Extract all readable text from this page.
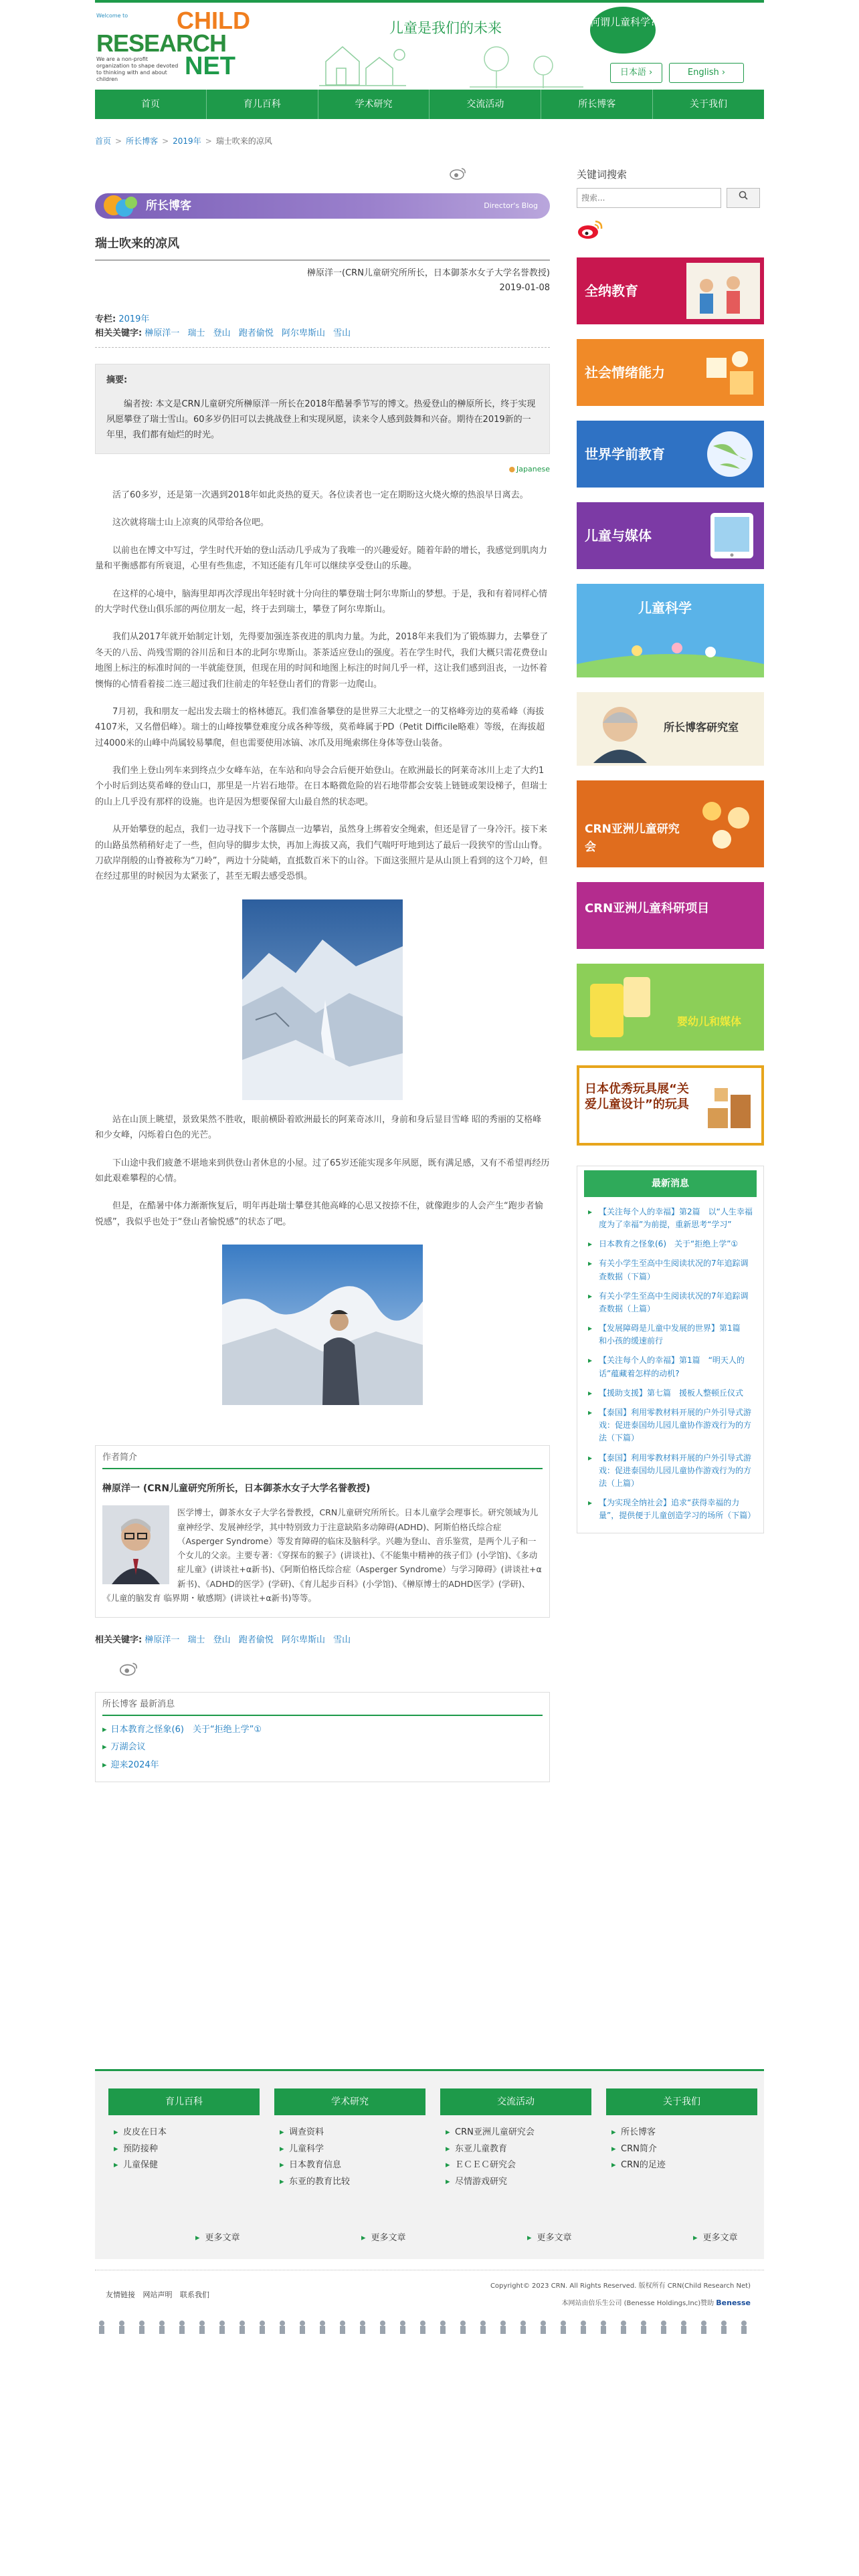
Welcome to CHILD
RESEARCH
NET
We are a non-profit organization to shape devoted to thinking with and about children
儿童是我们的未来	何谓儿童科学?
日本語 ›	English ›
首页	育儿百科	学术研究	交流活动	所长博客	关于我们
首页 > 所长博客 > 2019年 > 瑞士吹来的凉风
所长博客	Director's Blog
瑞士吹来的凉风
榊原洋一(CRN儿童研究所所长，日本御茶水女子大学名誉教授)
2019-01-08
专栏: 2019年
相关关键字: 榊原洋一 瑞士 登山 跑者偷悦 阿尔卑斯山 雪山
摘要:

编者按: 本文是CRN儿童研究所榊原洋一所长在2018年酷暑季节写的博文。热爱登山的榊原所长，终于实现夙愿攀登了瑞士雪山。60多岁仍旧可以去挑战登上和实现夙愿，读来令人感到鼓舞和兴奋。期待在2019新的一年里，我们都有灿烂的时光。

● Japanese

活了60多岁，还是第一次遇到2018年如此炎热的夏天。各位读者也一定在期盼这火烧火燎的热浪早日离去。

这次就将瑞士山上凉爽的风带给各位吧。

以前也在博文中写过，学生时代开始的登山活动几乎成为了我唯一的兴趣爱好。随着年龄的增长，我感觉到肌肉力量和平衡感都有所衰退，心里有些焦虑，不知还能有几年可以继续享受登山的乐趣。

在这样的心境中，脑海里却再次浮现出年轻时就十分向往的攀登瑞士阿尔卑斯山的梦想。于是，我和有着同样心情的大学时代登山俱乐部的两位朋友一起，终于去到瑞士，攀登了阿尔卑斯山。

我们从2017年就开始制定计划，先得要加强连茶夜进的肌肉力量。为此，2018年来我们为了锻炼脚力，去攀登了冬天的八岳、尚残雪期的谷川岳和日本的北阿尔卑斯山。茶茶适应登山的强度。若在学生时代，我们大概只需花费登山地图上标注的标准时间的一半就能登顶，但现在用的时间和地图上标注的时间几乎一样，这让我们感到沮丧，一边怀着懊悔的心情看着接二连三超过我们往前走的年轻登山者们的背影一边爬山。

7月初，我和朋友一起出发去瑞士的格林德瓦。我们准备攀登的是世界三大北壁之一的艾格峰旁边的莫希峰（海拔4107米，又名僧侣峰）。瑞士的山峰按攀登难度分成各种等级，莫希峰属于PD（Petit Difficile略难）等级，在海拔超过4000米的山峰中尚属较易攀爬，但也需要使用冰镐、冰爪及用绳索绑住身体等登山装备。

我们坐上登山列车来到终点少女峰车站，在车站和向导会合后便开始登山。在欧洲最长的阿莱奇冰川上走了大约1个小时后到达莫希峰的登山口，那里是一片岩石地带。在日本略微危险的岩石地带都会安装上链链或架设梯子，但瑞士的山上几乎没有那样的设施。也许是因为想要保留大山最自然的状态吧。

从开始攀登的起点，我们一边寻找下一个落脚点一边攀岩，虽然身上绑着安全绳索，但还是冒了一身冷汗。接下来的山路虽然稍稍好走了一些，但向导的脚步太快，再加上海拔又高，我们气喘吁吁地到达了最后一段狭窄的雪山山脊。刀砍岸削般的山脊被称为“刀岭”，两边十分陡峭，直抵数百米下的山谷。下面这张照片是从山顶上看到的这个刀岭，但在经过那里的时候因为太紧张了，甚至无暇去感受恐惧。

站在山顶上眺望，景致果然不胜收，眼前横卧着欧洲最长的阿莱奇冰川，身前和身后显目雪峰 昭的秀丽的艾格峰和少女峰，闪烁着白色的光芒。

下山途中我们疲惫不堪地来到供登山者休息的小屋。过了65岁还能实现多年夙愿，既有满足感，又有不希望再经历如此艰难攀程的心情。

但是，在酷暑中体力渐渐恢复后，明年再赴瑞士攀登其他高峰的心思又按捺不住，就像跑步的人会产生“跑步者愉悦感”，我似乎也处于“登山者愉悦感”的状态了吧。

作者简介
榊原洋一 (CRN儿童研究所所长，日本御茶水女子大学名誉教授)
医学博士，御茶水女子大学名誉教授，CRN儿童研究所所长。日本儿童学会理事长。研究领域为儿童神经学、发展神经学，其中特别致力于注意缺陷多动障碍(ADHD)、阿斯伯格氏综合症（Asperger Syndrome）等发育障碍的临床及脑科学。兴趣为登山、音乐鉴赏，是两个儿子和一个女儿的父亲。主要专著：《穿探布的猴子》(讲谈社)、《不能集中精神的孩子们》(小学馆)、《多动症儿童》(讲谈社+α新书)、《阿斯伯格氏综合症（Asperger Syndrome）与学习障碍》(讲谈社+α新书)、《ADHD的医学》(学研)、《育儿起步百科》(小学馆)、《榊原博士的ADHD医学》(学研)、《儿童的脑发育 临界期・敏感期》(讲谈社+α新书)等等。
相关关键字: 榊原洋一 瑞士 登山 跑者偷悦 阿尔卑斯山 雪山
所长博客 最新消息
▸ 日本教育之怪象(6)　关于“拒绝上学”①
▸ 万湖会议
▸ 迎来2024年
关键词搜索
搜索...
全纳教育
社会情绪能力
世界学前教育
儿童与媒体
儿童科学
所长博客研究室
CRN亚洲儿童研究会
CRN亚洲儿童科研项目
婴幼儿和媒体
日本优秀玩具展“关爱儿童设计”的玩具
最新消息
▸ 【关注每个人的幸福】第2篇　以“人生幸福度为了幸福”为前提，重新思考“学习”
▸ 日本教育之怪象(6)　关于“拒绝上学”①
▸ 有关小学生至高中生阅读状况的7年追踪调查数据（下篇）
▸ 有关小学生至高中生阅读状况的7年追踪调查数据（上篇）
▸ 【发展障碍是儿童中发展的世界】第1篇　和小孩的缓速前行
▸ 【关注每个人的幸福】第1篇　“明天人的话”蕴藏着怎样的动机?
▸ 【援助支援】第七篇　援板人整顿丘仪式
▸ 【泰国】利用零教材料开展的户外引导式游戏：促进泰国幼儿园儿童协作游戏行为的方法（下篇）
▸ 【泰国】利用零教材料开展的户外引导式游戏：促进泰国幼儿园儿童协作游戏行为的方法（上篇）
▸ 【为实现全纳社会】追求“获得幸福的力量”，提供便于儿童创造学习的场所（下篇）
育儿百科
▸ 皮皮在日本
▸ 预防接种
▸ 儿童保健
学术研究
▸ 调查资料
▸ 儿童科学
▸ 日本教育信息
▸ 东亚的教育比较
交流活动
▸ CRN亚洲儿童研究会
▸ 东亚儿童教育
▸ ＥＣＥＣ研究会
▸ 尽情游戏研究
关于我们
▸ 所长博客
▸ CRN简介
▸ CRN的足迹
▸ 更多文章	▸ 更多文章	▸ 更多文章	▸ 更多文章
友情链接 网站声明 联系我们
Copyright© 2023 CRN. All Rights Reserved. 版权所有 CRN(Child Research Net)
本网站由倍乐生公司 (Benesse Holdings,Inc)赞助 Benesse
